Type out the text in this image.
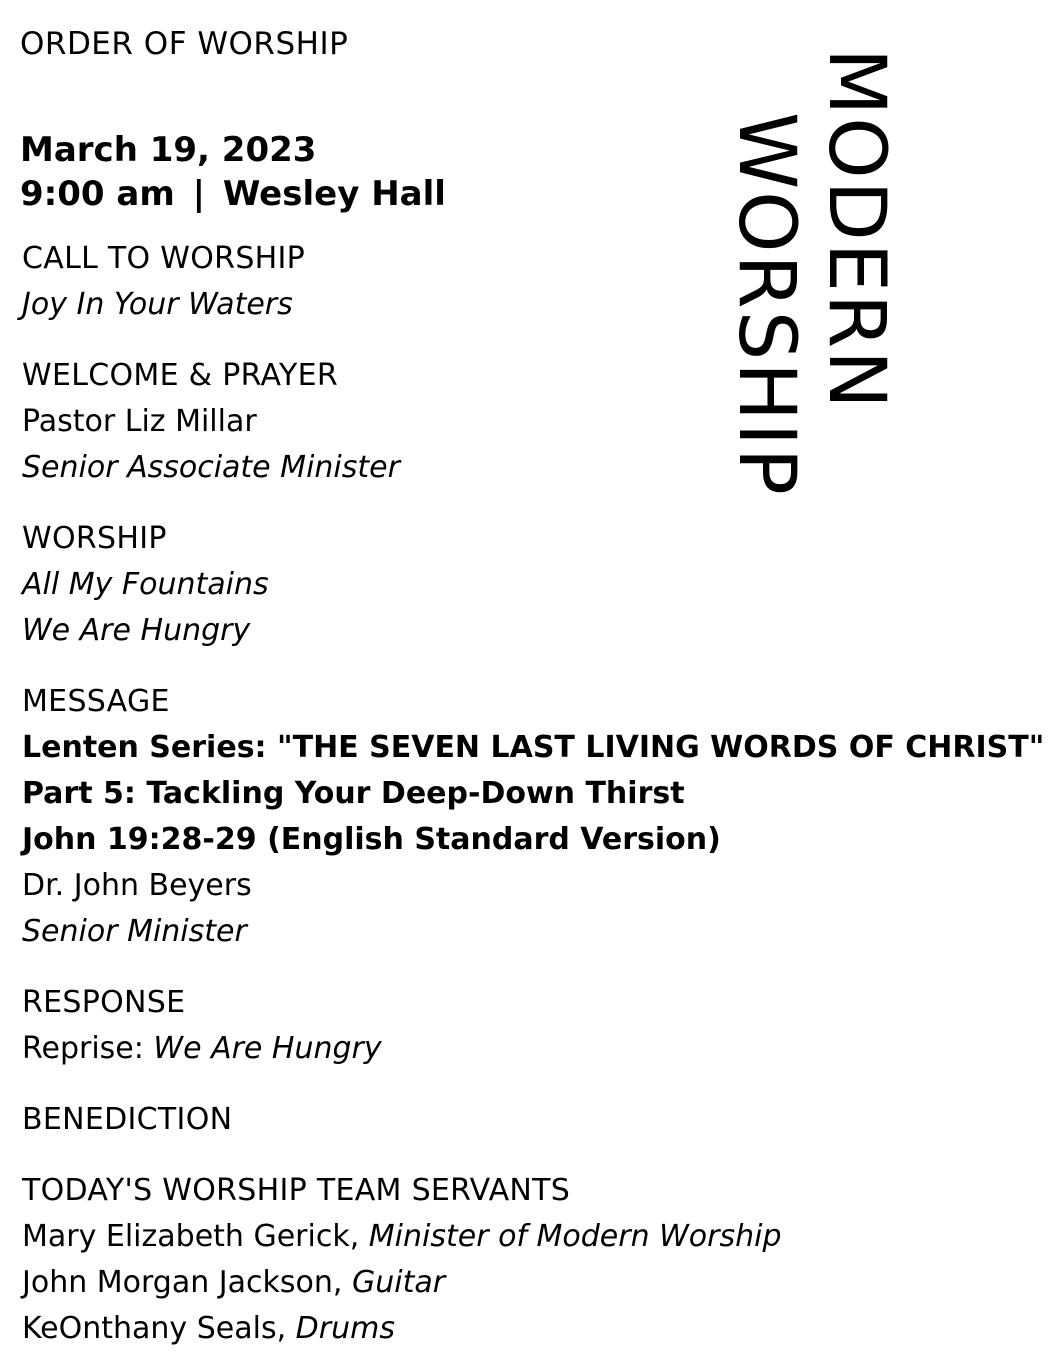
ORDER OF WORSHIP
March 19, 2023
9:00 am | Wesley Hall	MODERN
WORSHIP
CALL TO WORSHIP
Joy In Your Waters
WELCOME & PRAYER
Pastor Liz Millar
Senior Associate Minister
WORSHIP
All My Fountains
We Are Hungry
MESSAGE
Lenten Series: "THE SEVEN LAST LIVING WORDS OF CHRIST"
Part 5: Tackling Your Deep-Down Thirst
John 19:28-29 (English Standard Version)
Dr. John Beyers
Senior Minister
RESPONSE
Reprise: We Are Hungry
BENEDICTION
TODAY'S WORSHIP TEAM SERVANTS
Mary Elizabeth Gerick, Minister of Modern Worship
John Morgan Jackson, Guitar
KeOnthany Seals, Drums
